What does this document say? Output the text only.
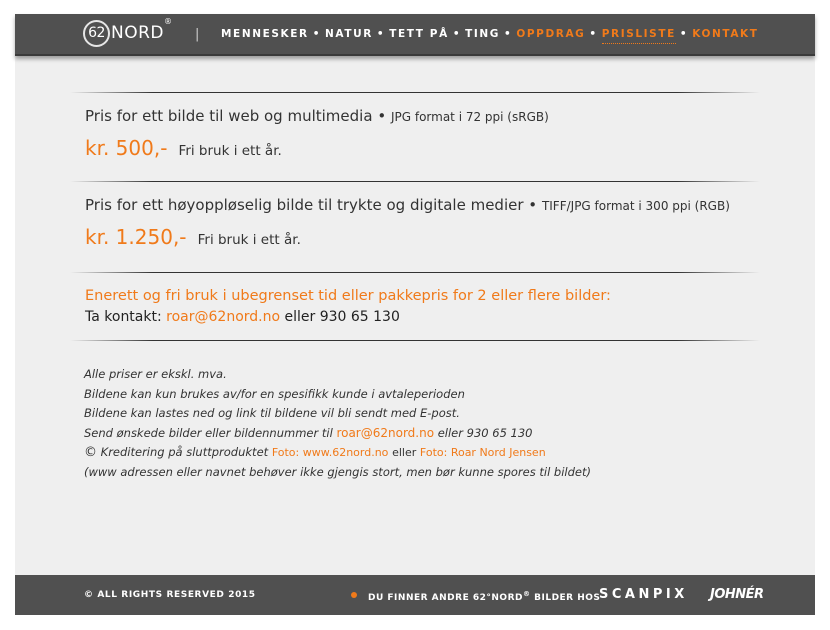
62 NORD
®
| MENNESKER • NATUR • TETT PÅ • TING • OPPDRAG • PRISLISTE • KONTAKT
Pris for ett bilde til web og multimedia • JPG format i 72 ppi (sRGB)
kr. 500,- Fri bruk i ett år.
Pris for ett høyoppløselig bilde til trykte og digitale medier • TIFF/JPG format i 300 ppi (RGB)
kr. 1.250,- Fri bruk i ett år.
Enerett og fri bruk i ubegrenset tid eller pakkepris for 2 eller flere bilder:
Ta kontakt: roar@62nord.no eller 930 65 130
Alle priser er ekskl. mva.
Bildene kan kun brukes av/for en spesifikk kunde i avtaleperioden
Bildene kan lastes ned og link til bildene vil bli sendt med E-post.
Send ønskede bilder eller bildennummer til roar@62nord.no eller 930 65 130
© Kreditering på sluttproduktet Foto: www.62nord.no eller Foto: Roar Nord Jensen
(www adressen eller navnet behøver ikke gjengis stort, men bør kunne spores til bildet)
© ALL RIGHTS RESERVED 2015	DU FINNER ANDRE 62°NORD® BILDER HOS
SCANPIX JOHNÉR
